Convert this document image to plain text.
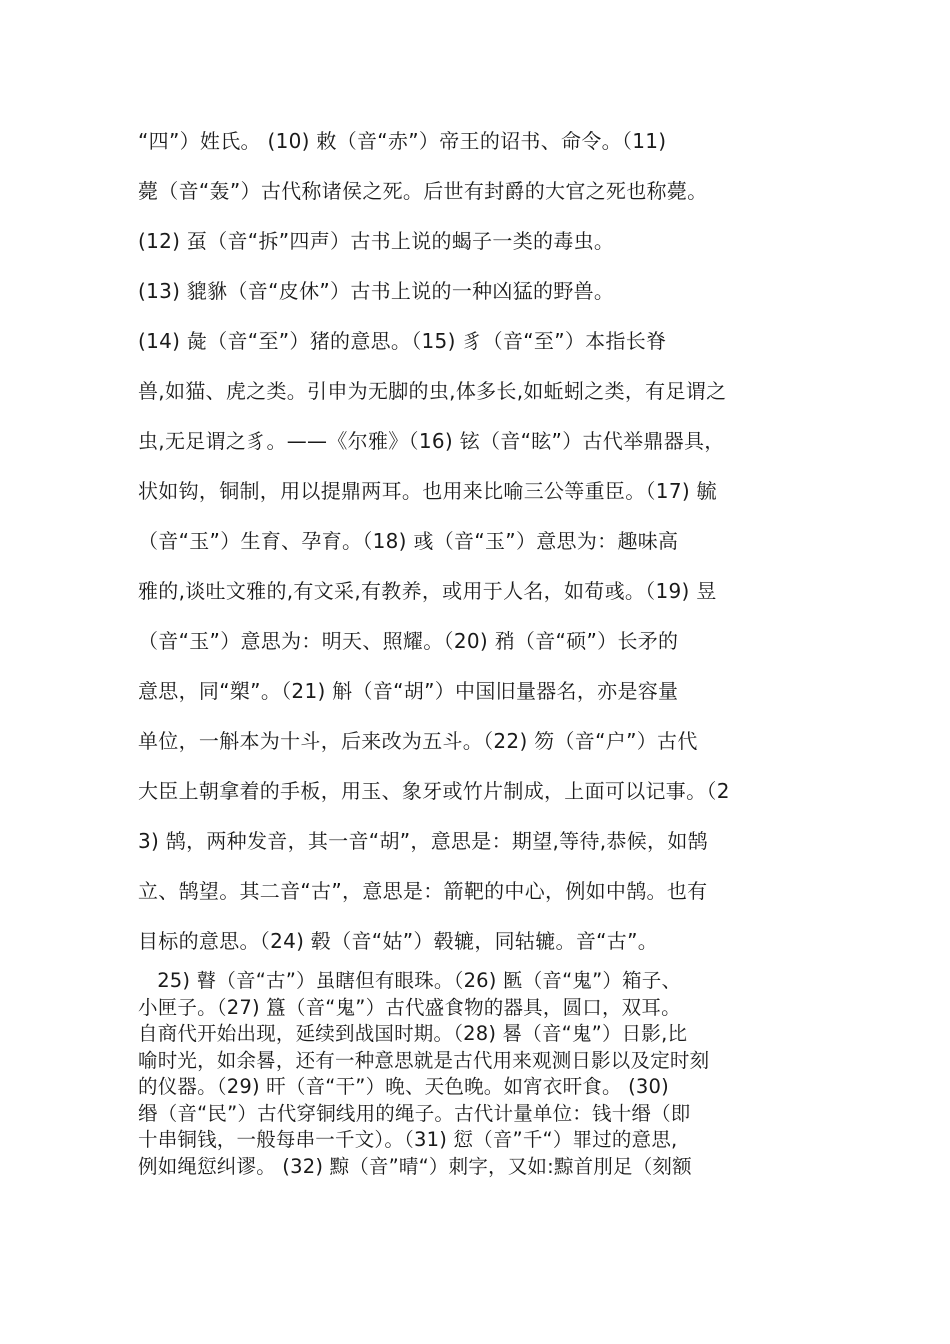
“四”）姓氏。 (10) 敕（音“赤”）帝王的诏书、命令。（11)
薨（音“轰”）古代称诸侯之死。后世有封爵的大官之死也称薨。
(12) 虿（音“拆”四声）古书上说的蝎子一类的毒虫。
(13) 貔貅（音“皮休”）古书上说的一种凶猛的野兽。
(14) 彘（音“至”）猪的意思。（15) 豸（音“至”）本指长脊
兽,如猫、虎之类。引申为无脚的虫,体多长,如蚯蚓之类，有足谓之
虫,无足谓之豸。——《尔雅》（16) 铉（音“眩”）古代举鼎器具，
状如钩，铜制，用以提鼎两耳。也用来比喻三公等重臣。（17) 毓
（音“玉”）生育、孕育。（18) 彧（音“玉”）意思为：趣味高
雅的,谈吐文雅的,有文采,有教养，或用于人名，如荀彧。（19) 昱
（音“玉”）意思为：明天、照耀。（20) 矟（音“硕”）长矛的
意思，同“槊”。（21) 斛（音“胡”）中国旧量器名，亦是容量
单位，一斛本为十斗，后来改为五斗。（22) 笏（音“户”）古代
大臣上朝拿着的手板，用玉、象牙或竹片制成，上面可以记事。（2
3) 鹄，两种发音，其一音“胡”，意思是：期望,等待,恭候，如鹄
立、鹄望。其二音“古”，意思是：箭靶的中心，例如中鹄。也有
目标的意思。（24) 毂（音“姑”）毂辘，同轱辘。音“古”。
25) 瞽（音“古”）虽瞎但有眼珠。（26) 匦（音“鬼”）箱子、
小匣子。（27) 簋（音“鬼”）古代盛食物的器具，圆口，双耳。
自商代开始出现，延续到战国时期。（28) 晷（音“鬼”）日影,比
喻时光，如余晷，还有一种意思就是古代用来观测日影以及定时刻
的仪器。（29) 旰（音“干”）晚、天色晚。如宵衣旰食。 (30)
缗（音“民”）古代穿铜线用的绳子。古代计量单位：钱十缗（即
十串铜钱，一般每串一千文）。（31) 愆（音”千“）罪过的意思,
例如绳愆纠谬。 (32) 黥（音”晴“）刺字，又如:黥首刖足（刻额
